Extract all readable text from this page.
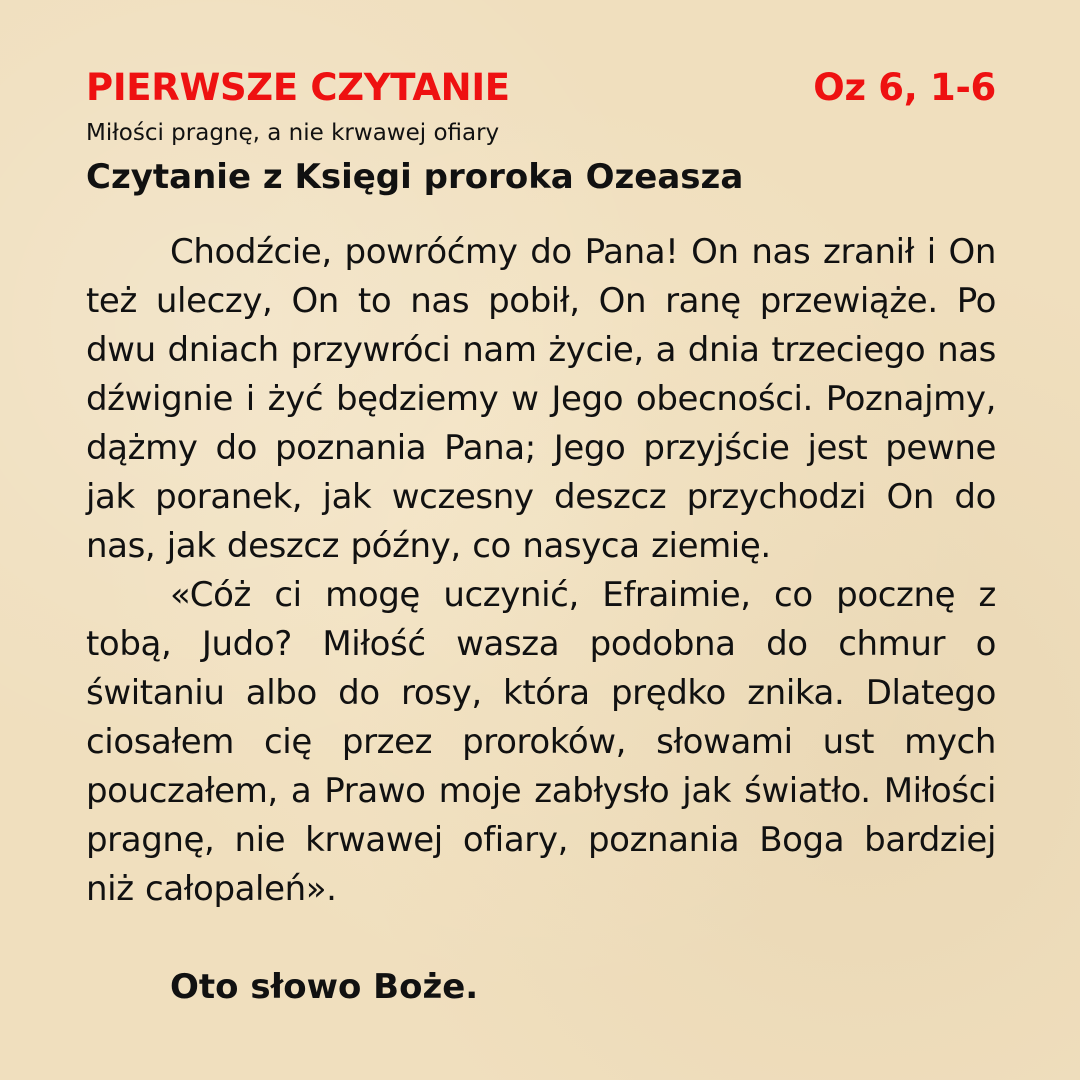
PIERWSZE CZYTANIE	Oz 6, 1-6
Miłości pragnę, a nie krwawej ofiary
Czytanie z Księgi proroka Ozeasza

Chodźcie, powróćmy do Pana! On nas zranił i On też uleczy, On to nas pobił, On ranę przewiąże. Po dwu dniach przywróci nam życie, a dnia trzeciego nas dźwignie i żyć będziemy w Jego obecności. Poznajmy, dążmy do poznania Pana; Jego przyjście jest pewne jak poranek, jak wczesny deszcz przychodzi On do nas, jak deszcz późny, co nasyca ziemię.

«Cóż ci mogę uczynić, Efraimie, co pocznę z tobą, Judo? Miłość wasza podobna do chmur o świtaniu albo do rosy, która prędko znika. Dlatego ciosałem cię przez proroków, słowami ust mych pouczałem, a Prawo moje zabłysło jak światło. Miłości pragnę, nie krwawej ofiary, poznania Boga bardziej niż całopaleń».

Oto słowo Boże.
